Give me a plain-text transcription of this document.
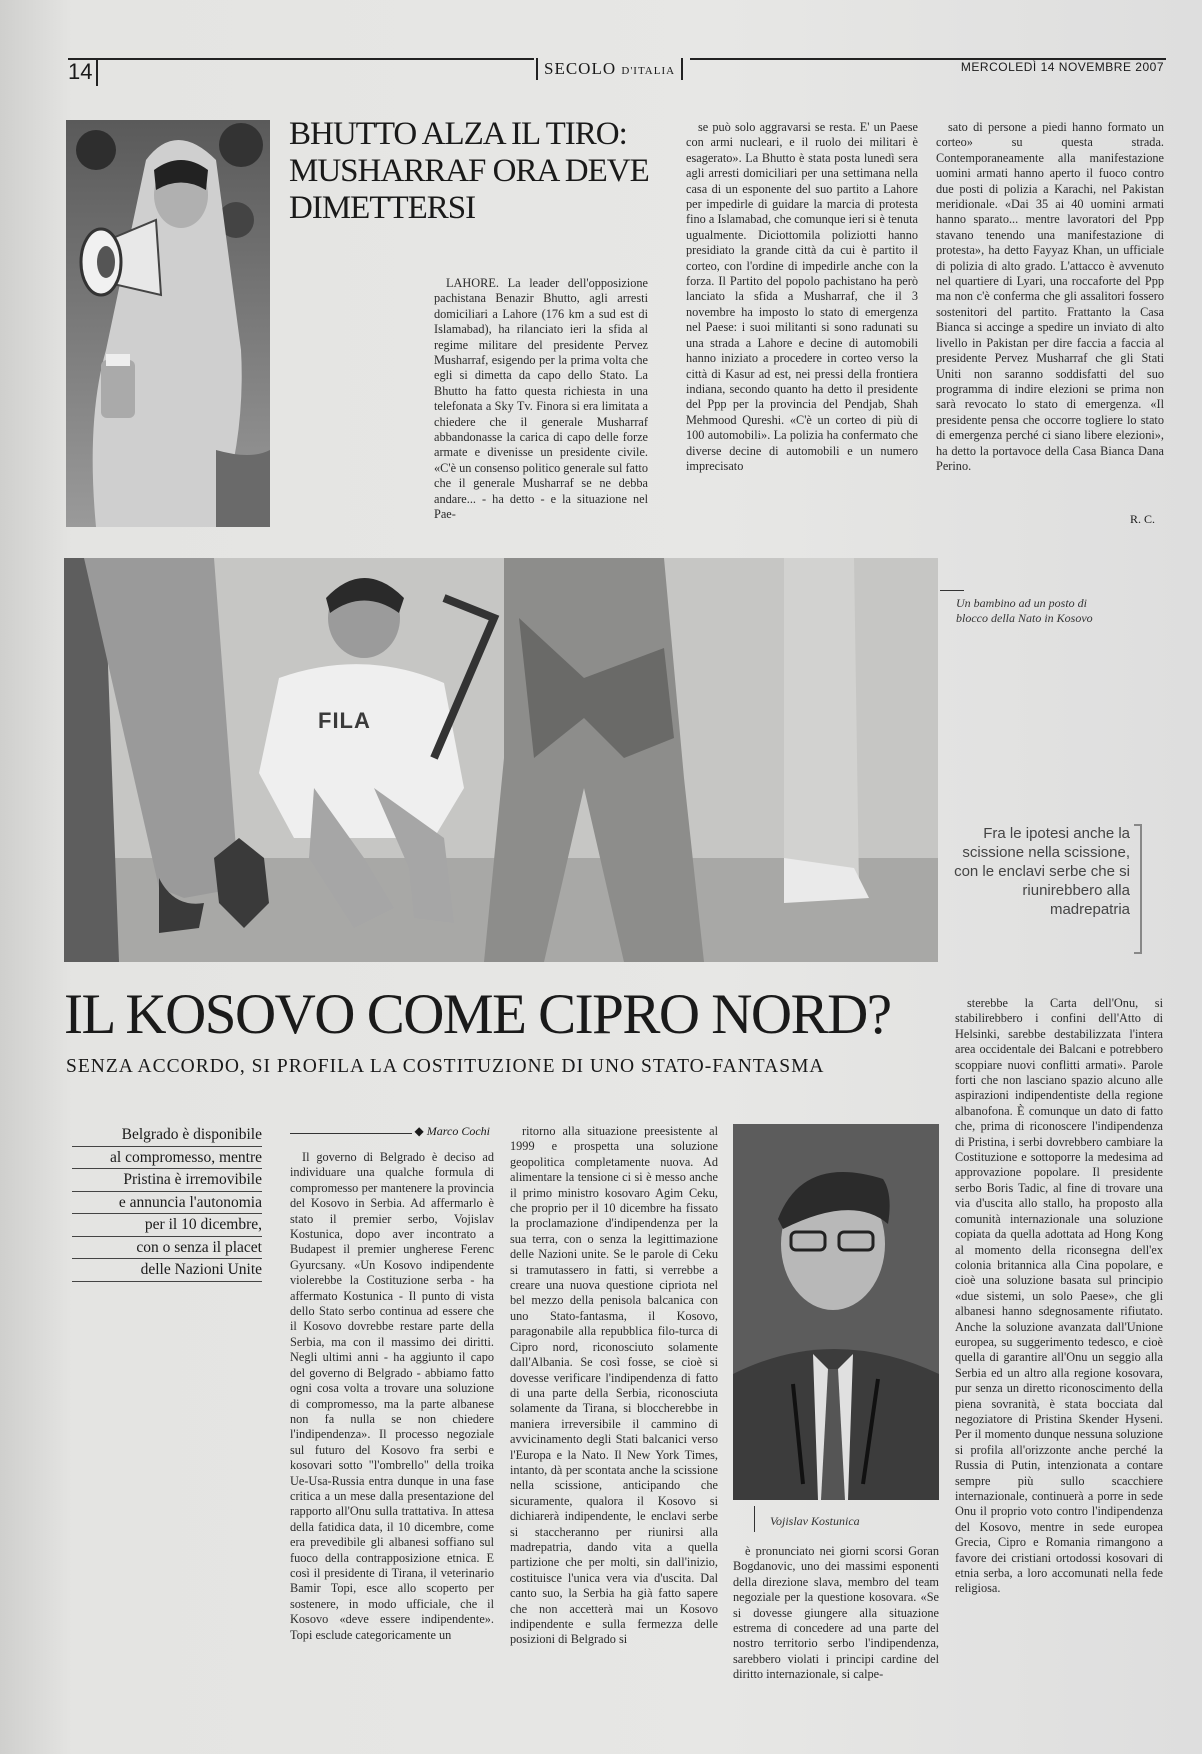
14	SECOLO D'ITALIA	MERCOLEDÌ 14 NOVEMBRE 2007
BHUTTO ALZA IL TIRO: MUSHARRAF ORA DEVE DIMETTERSI

LAHORE. La leader dell'opposizione pachistana Benazir Bhutto, agli arresti domiciliari a Lahore (176 km a sud est di Islamabad), ha rilanciato ieri la sfida al regime militare del presidente Pervez Musharraf, esigendo per la prima volta che egli si dimetta da capo dello Stato. La Bhutto ha fatto questa richiesta in una telefonata a Sky Tv. Finora si era limitata a chiedere che il generale Musharraf abbandonasse la carica di capo delle forze armate e divenisse un presidente civile. «C'è un consenso politico generale sul fatto che il generale Musharraf se ne debba andare... - ha detto - e la situazione nel Pae-

se può solo aggravarsi se resta. E' un Paese con armi nucleari, e il ruolo dei militari è esagerato». La Bhutto è stata posta lunedì sera agli arresti domiciliari per una settimana nella casa di un esponente del suo partito a Lahore per impedirle di guidare la marcia di protesta fino a Islamabad, che comunque ieri si è tenuta ugualmente. Diciottomila poliziotti hanno presidiato la grande città da cui è partito il corteo, con l'ordine di impedirle anche con la forza. Il Partito del popolo pachistano ha però lanciato la sfida a Musharraf, che il 3 novembre ha imposto lo stato di emergenza nel Paese: i suoi militanti si sono radunati su una strada a Lahore e decine di automobili hanno iniziato a procedere in corteo verso la città di Kasur ad est, nei pressi della frontiera indiana, secondo quanto ha detto il presidente del Ppp per la provincia del Pendjab, Shah Mehmood Qureshi. «C'è un corteo di più di 100 automobili». La polizia ha confermato che diverse decine di automobili e un numero imprecisato

sato di persone a piedi hanno formato un corteo» su questa strada. Contemporaneamente alla manifestazione uomini armati hanno aperto il fuoco contro due posti di polizia a Karachi, nel Pakistan meridionale. «Dai 35 ai 40 uomini armati hanno sparato... mentre lavoratori del Ppp stavano tenendo una manifestazione di protesta», ha detto Fayyaz Khan, un ufficiale di polizia di alto grado. L'attacco è avvenuto nel quartiere di Lyari, una roccaforte del Ppp ma non c'è conferma che gli assalitori fossero sostenitori del partito. Frattanto la Casa Bianca si accinge a spedire un inviato di alto livello in Pakistan per dire faccia a faccia al presidente Pervez Musharraf che gli Stati Uniti non saranno soddisfatti del suo programma di indire elezioni se prima non sarà revocato lo stato di emergenza. «Il presidente pensa che occorre togliere lo stato di emergenza perché ci siano libere elezioni», ha detto la portavoce della Casa Bianca Dana Perino.

R. C.
FILA
Un bambino ad un posto di blocco della Nato in Kosovo
Fra le ipotesi anche la scissione nella scissione, con le enclavi serbe che si riunirebbero alla madrepatria
IL KOSOVO COME CIPRO NORD?
SENZA ACCORDO, SI PROFILA LA COSTITUZIONE DI UNO STATO-FANTASMA
Belgrado è disponibile
al compromesso, mentre
Pristina è irremovibile
e annuncia l'autonomia
per il 10 dicembre,
con o senza il placet
delle Nazioni Unite
◆ Marco Cochi

Il governo di Belgrado è deciso ad individuare una qualche formula di compromesso per mantenere la provincia del Kosovo in Serbia. Ad affermarlo è stato il premier serbo, Vojislav Kostunica, dopo aver incontrato a Budapest il premier ungherese Ferenc Gyurcsany. «Un Kosovo indipendente violerebbe la Costituzione serba - ha affermato Kostunica - Il punto di vista dello Stato serbo continua ad essere che il Kosovo dovrebbe restare parte della Serbia, ma con il massimo dei diritti. Negli ultimi anni - ha aggiunto il capo del governo di Belgrado - abbiamo fatto ogni cosa volta a trovare una soluzione di compromesso, ma la parte albanese non fa nulla se non chiedere l'indipendenza». Il processo negoziale sul futuro del Kosovo fra serbi e kosovari sotto "l'ombrello" della troika Ue-Usa-Russia entra dunque in una fase critica a un mese dalla presentazione del rapporto all'Onu sulla trattativa. In attesa della fatidica data, il 10 dicembre, come era prevedibile gli albanesi soffiano sul fuoco della contrapposizione etnica. E così il presidente di Tirana, il veterinario Bamir Topi, esce allo scoperto per sostenere, in modo ufficiale, che il Kosovo «deve essere indipendente». Topi esclude categoricamente un

ritorno alla situazione preesistente al 1999 e prospetta una soluzione geopolitica completamente nuova. Ad alimentare la tensione ci si è messo anche il primo ministro kosovaro Agim Ceku, che proprio per il 10 dicembre ha fissato la proclamazione d'indipendenza per la sua terra, con o senza la legittimazione delle Nazioni unite. Se le parole di Ceku si tramutassero in fatti, si verrebbe a creare una nuova questione cipriota nel bel mezzo della penisola balcanica con uno Stato-fantasma, il Kosovo, paragonabile alla repubblica filo-turca di Cipro nord, riconosciuto solamente dall'Albania. Se così fosse, se cioè si dovesse verificare l'indipendenza di fatto di una parte della Serbia, riconosciuta solamente da Tirana, si bloccherebbe in maniera irreversibile il cammino di avvicinamento degli Stati balcanici verso l'Europa e la Nato. Il New York Times, intanto, dà per scontata anche la scissione nella scissione, anticipando che sicuramente, qualora il Kosovo si dichiarerà indipendente, le enclavi serbe si staccheranno per riunirsi alla madrepatria, dando vita a quella partizione che per molti, sin dall'inizio, costituisce l'unica vera via d'uscita. Dal canto suo, la Serbia ha già fatto sapere che non accetterà mai un Kosovo indipendente e sulla fermezza delle posizioni di Belgrado si

Vojislav Kostunica

è pronunciato nei giorni scorsi Goran Bogdanovic, uno dei massimi esponenti della direzione slava, membro del team negoziale per la questione kosovara. «Se si dovesse giungere alla situazione estrema di concedere ad una parte del nostro territorio serbo l'indipendenza, sarebbero violati i principi cardine del diritto internazionale, si calpe-

sterebbe la Carta dell'Onu, si stabilirebbero i confini dell'Atto di Helsinki, sarebbe destabilizzata l'intera area occidentale dei Balcani e potrebbero scoppiare nuovi conflitti armati». Parole forti che non lasciano spazio alcuno alle aspirazioni indipendentiste della regione albanofona. È comunque un dato di fatto che, prima di riconoscere l'indipendenza di Pristina, i serbi dovrebbero cambiare la Costituzione e sottoporre la medesima ad approvazione popolare. Il presidente serbo Boris Tadic, al fine di trovare una via d'uscita allo stallo, ha proposto alla comunità internazionale una soluzione copiata da quella adottata ad Hong Kong al momento della riconsegna dell'ex colonia britannica alla Cina popolare, e cioè una soluzione basata sul principio «due sistemi, un solo Paese», che gli albanesi hanno sdegnosamente rifiutato. Anche la soluzione avanzata dall'Unione europea, su suggerimento tedesco, e cioè quella di garantire all'Onu un seggio alla Serbia ed un altro alla regione kosovara, pur senza un diretto riconoscimento della piena sovranità, è stata bocciata dal negoziatore di Pristina Skender Hyseni. Per il momento dunque nessuna soluzione si profila all'orizzonte anche perché la Russia di Putin, intenzionata a contare sempre più sullo scacchiere internazionale, continuerà a porre in sede Onu il proprio voto contro l'indipendenza del Kosovo, mentre in sede europea Grecia, Cipro e Romania rimangono a favore dei cristiani ortodossi kosovari di etnia serba, a loro accomunati nella fede religiosa.
